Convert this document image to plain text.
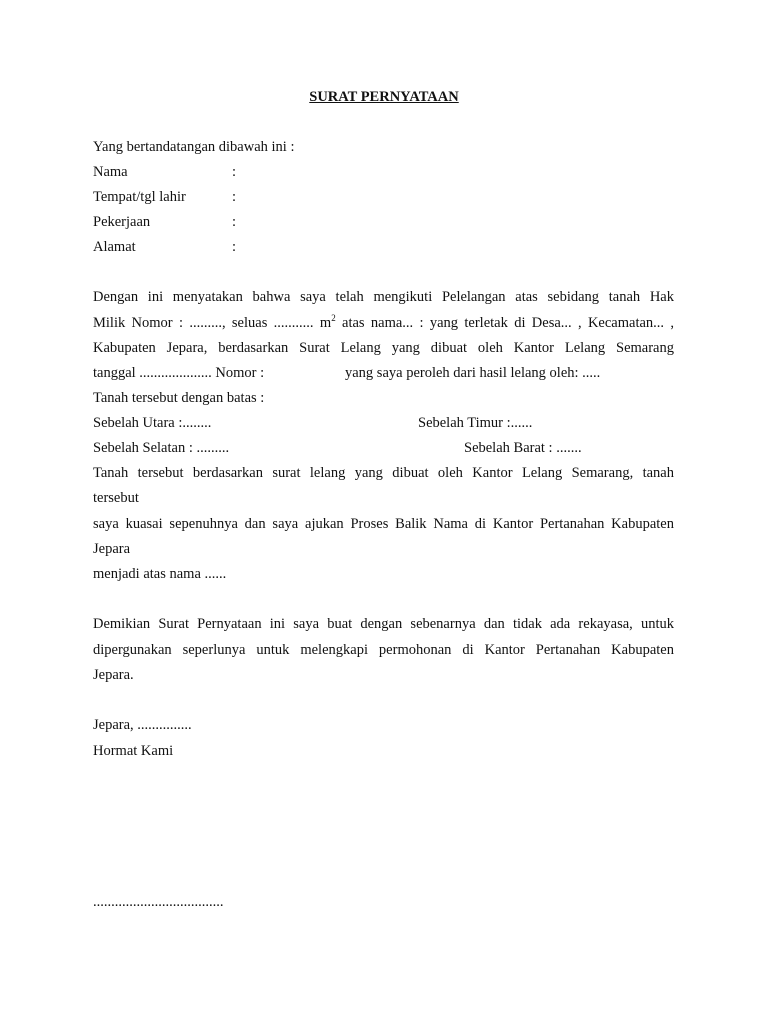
SURAT PERNYATAAN
Yang bertandatangan dibawah ini :
Nama	:
Tempat/tgl lahir	:
Pekerjaan	:
Alamat	:
Dengan ini menyatakan bahwa saya telah mengikuti Pelelangan atas sebidang tanah Hak
Milik Nomor : ........., seluas ........... $m^2$ atas nama... : yang terletak di Desa... , Kecamatan... ,
Kabupaten Jepara, berdasarkan Surat Lelang yang dibuat oleh Kantor Lelang Semarang
tanggal .................... Nomor :	yang saya peroleh dari hasil lelang oleh: .....
Tanah tersebut dengan batas :
Sebelah Utara :........	Sebelah Timur :......
Sebelah Selatan : .........	Sebelah Barat : .......
Tanah tersebut berdasarkan surat lelang yang dibuat oleh Kantor Lelang Semarang, tanah
tersebut
saya kuasai sepenuhnya dan saya ajukan Proses Balik Nama di Kantor Pertanahan Kabupaten
Jepara
menjadi atas nama ......
Demikian Surat Pernyataan ini saya buat dengan sebenarnya dan tidak ada rekayasa, untuk
dipergunakan seperlunya untuk melengkapi permohonan di Kantor Pertanahan Kabupaten
Jepara.
Jepara, ...............
Hormat Kami
....................................
